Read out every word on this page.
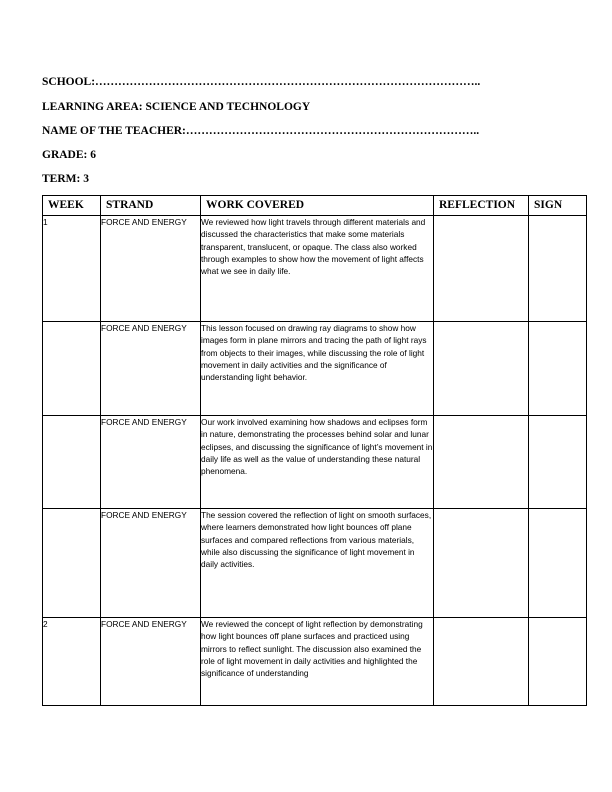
SCHOOL:………………………………………………………………………………………..
LEARNING AREA: SCIENCE AND TECHNOLOGY
NAME OF THE TEACHER:…………………………………………………………………..
GRADE: 6
TERM: 3
WEEK	STRAND	WORK COVERED	REFLECTION	SIGN
1	FORCE AND ENERGY	We reviewed how light travels through different materials and discussed the characteristics that make some materials transparent, translucent, or opaque. The class also worked through examples to show how the movement of light affects what we see in daily life.		
	FORCE AND ENERGY	This lesson focused on drawing ray diagrams to show how images form in plane mirrors and tracing the path of light rays from objects to their images, while discussing the role of light movement in daily activities and the significance of understanding light behavior.		
	FORCE AND ENERGY	Our work involved examining how shadows and eclipses form in nature, demonstrating the processes behind solar and lunar eclipses, and discussing the significance of light’s movement in daily life as well as the value of understanding these natural phenomena.		
	FORCE AND ENERGY	The session covered the reflection of light on smooth surfaces, where learners demonstrated how light bounces off plane surfaces and compared reflections from various materials, while also discussing the significance of light movement in daily activities.		
2	FORCE AND ENERGY	We reviewed the concept of light reflection by demonstrating how light bounces off plane surfaces and practiced using mirrors to reflect sunlight. The discussion also examined the role of light movement in daily activities and highlighted the significance of understanding		
